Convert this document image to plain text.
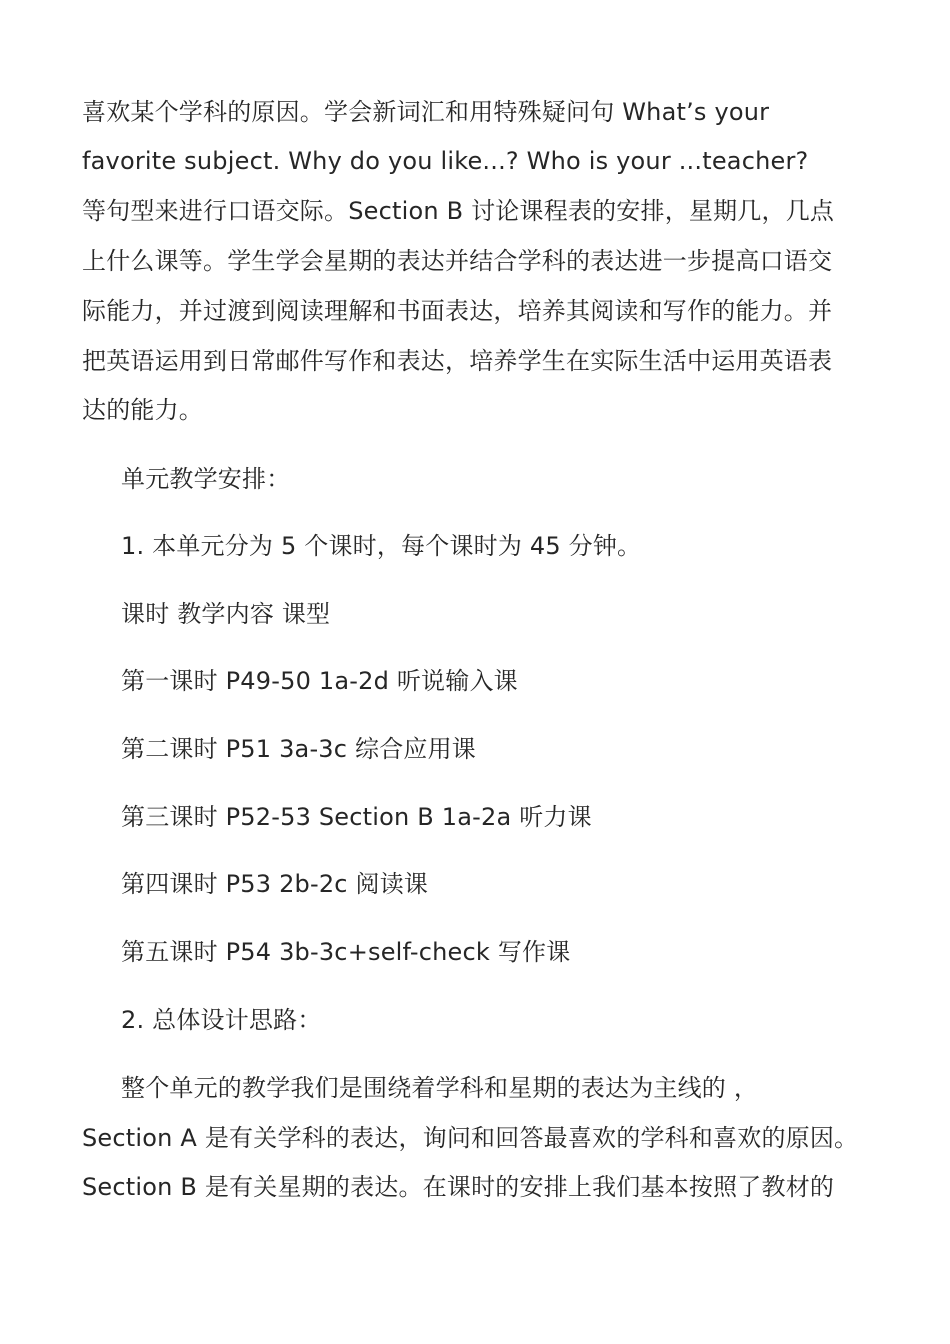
喜欢某个学科的原因。学会新词汇和用特殊疑问句 What’s your
favorite subject. Why do you like...? Who is your ...teacher?
等句型来进行口语交际。Section B 讨论课程表的安排，星期几，几点
上什么课等。学生学会星期的表达并结合学科的表达进一步提高口语交
际能力，并过渡到阅读理解和书面表达，培养其阅读和写作的能力。并
把英语运用到日常邮件写作和表达，培养学生在实际生活中运用英语表
达的能力。
单元教学安排：
1. 本单元分为 5 个课时，每个课时为 45 分钟。
课时 教学内容 课型
第一课时 P49-50 1a-2d 听说输入课
第二课时 P51 3a-3c 综合应用课
第三课时 P52-53 Section B 1a-2a 听力课
第四课时 P53 2b-2c 阅读课
第五课时 P54 3b-3c+self-check 写作课
2. 总体设计思路：
整个单元的教学我们是围绕着学科和星期的表达为主线的 ，
Section A 是有关学科的表达，询问和回答最喜欢的学科和喜欢的原因。
Section B 是有关星期的表达。在课时的安排上我们基本按照了教材的
